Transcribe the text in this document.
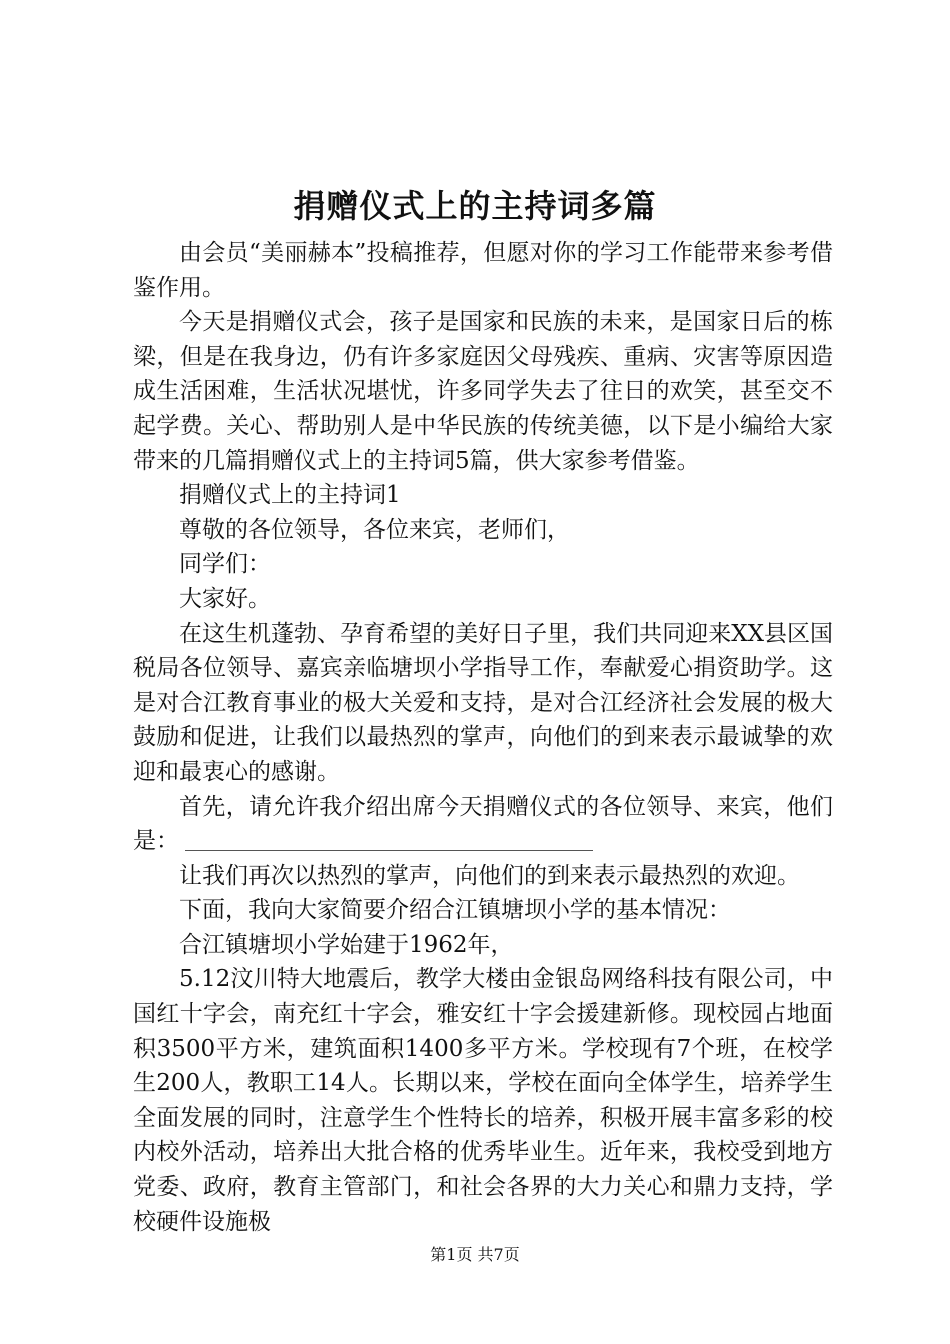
捐赠仪式上的主持词多篇

由会员“美丽赫本”投稿推荐，但愿对你的学习工作能带来参考借鉴作用。

今天是捐赠仪式会，孩子是国家和民族的未来，是国家日后的栋梁，但是在我身边，仍有许多家庭因父母残疾、重病、灾害等原因造成生活困难，生活状况堪忧，许多同学失去了往日的欢笑，甚至交不起学费。关心、帮助别人是中华民族的传统美德，以下是小编给大家带来的几篇捐赠仪式上的主持词5篇，供大家参考借鉴。

捐赠仪式上的主持词1

尊敬的各位领导，各位来宾，老师们，

同学们：

大家好。

在这生机蓬勃、孕育希望的美好日子里，我们共同迎来XX县区国税局各位领导、嘉宾亲临塘坝小学指导工作，奉献爱心捐资助学。这是对合江教育事业的极大关爱和支持，是对合江经济社会发展的极大鼓励和促进，让我们以最热烈的掌声，向他们的到来表示最诚挚的欢迎和最衷心的感谢。

首先，请允许我介绍出席今天捐赠仪式的各位领导、来宾，他们是：

让我们再次以热烈的掌声，向他们的到来表示最热烈的欢迎。

下面，我向大家简要介绍合江镇塘坝小学的基本情况：

合江镇塘坝小学始建于1962年，

5.12汶川特大地震后，教学大楼由金银岛网络科技有限公司，中国红十字会，南充红十字会，雅安红十字会援建新修。现校园占地面积3500平方米，建筑面积1400多平方米。学校现有7个班，在校学生200人，教职工14人。长期以来，学校在面向全体学生，培养学生全面发展的同时，注意学生个性特长的培养，积极开展丰富多彩的校内校外活动，培养出大批合格的优秀毕业生。近年来，我校受到地方党委、政府，教育主管部门，和社会各界的大力关心和鼎力支持，学校硬件设施极

第1页 共7页
